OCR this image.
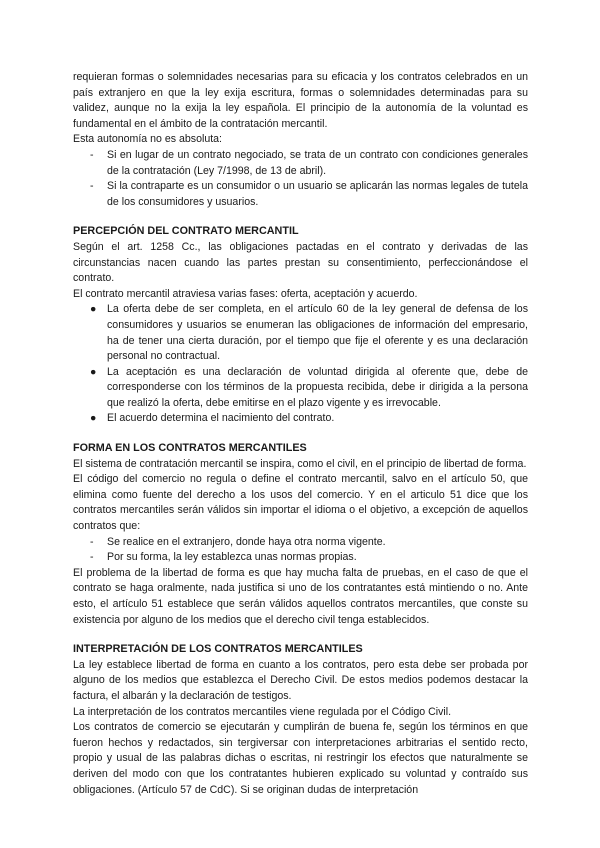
requieran formas o solemnidades necesarias para su eficacia y los contratos celebrados en un país extranjero en que la ley exija escritura, formas o solemnidades determinadas para su validez, aunque no la exija la ley española. El principio de la autonomía de la voluntad es fundamental en el ámbito de la contratación mercantil.

Esta autonomía no es absoluta:

- Si en lugar de un contrato negociado, se trata de un contrato con condiciones generales de la contratación (Ley 7/1998, de 13 de abril).
- Si la contraparte es un consumidor o un usuario se aplicarán las normas legales de tutela de los consumidores y usuarios.
PERCEPCIÓN DEL CONTRATO MERCANTIL

Según el art. 1258 Cc., las obligaciones pactadas en el contrato y derivadas de las circunstancias nacen cuando las partes prestan su consentimiento, perfeccionándose el contrato.

El contrato mercantil atraviesa varias fases: oferta, aceptación y acuerdo.

● La oferta debe de ser completa, en el artículo 60 de la ley general de defensa de los consumidores y usuarios se enumeran las obligaciones de información del empresario, ha de tener una cierta duración, por el tiempo que fije el oferente y es una declaración personal no contractual.
● La aceptación es una declaración de voluntad dirigida al oferente que, debe de corresponderse con los términos de la propuesta recibida, debe ir dirigida a la persona que realizó la oferta, debe emitirse en el plazo vigente y es irrevocable.
● El acuerdo determina el nacimiento del contrato.
FORMA EN LOS CONTRATOS MERCANTILES

El sistema de contratación mercantil se inspira, como el civil, en el principio de libertad de forma.

El código del comercio no regula o define el contrato mercantil, salvo en el artículo 50, que elimina como fuente del derecho a los usos del comercio. Y en el articulo 51 dice que los contratos mercantiles serán válidos sin importar el idioma o el objetivo, a excepción de aquellos contratos que:

- Se realice en el extranjero, donde haya otra norma vigente.
- Por su forma, la ley establezca unas normas propias.

El problema de la libertad de forma es que hay mucha falta de pruebas, en el caso de que el contrato se haga oralmente, nada justifica si uno de los contratantes está mintiendo o no. Ante esto, el artículo 51 establece que serán válidos aquellos contratos mercantiles, que conste su existencia por alguno de los medios que el derecho civil tenga establecidos.

INTERPRETACIÓN DE LOS CONTRATOS MERCANTILES

La ley establece libertad de forma en cuanto a los contratos, pero esta debe ser probada por alguno de los medios que establezca el Derecho Civil. De estos medios podemos destacar la factura, el albarán y la declaración de testigos.

La interpretación de los contratos mercantiles viene regulada por el Código Civil.

Los contratos de comercio se ejecutarán y cumplirán de buena fe, según los términos en que fueron hechos y redactados, sin tergiversar con interpretaciones arbitrarias el sentido recto, propio y usual de las palabras dichas o escritas, ni restringir los efectos que naturalmente se deriven del modo con que los contratantes hubieren explicado su voluntad y contraído sus obligaciones. (Artículo 57 de CdC). Si se originan dudas de interpretación
